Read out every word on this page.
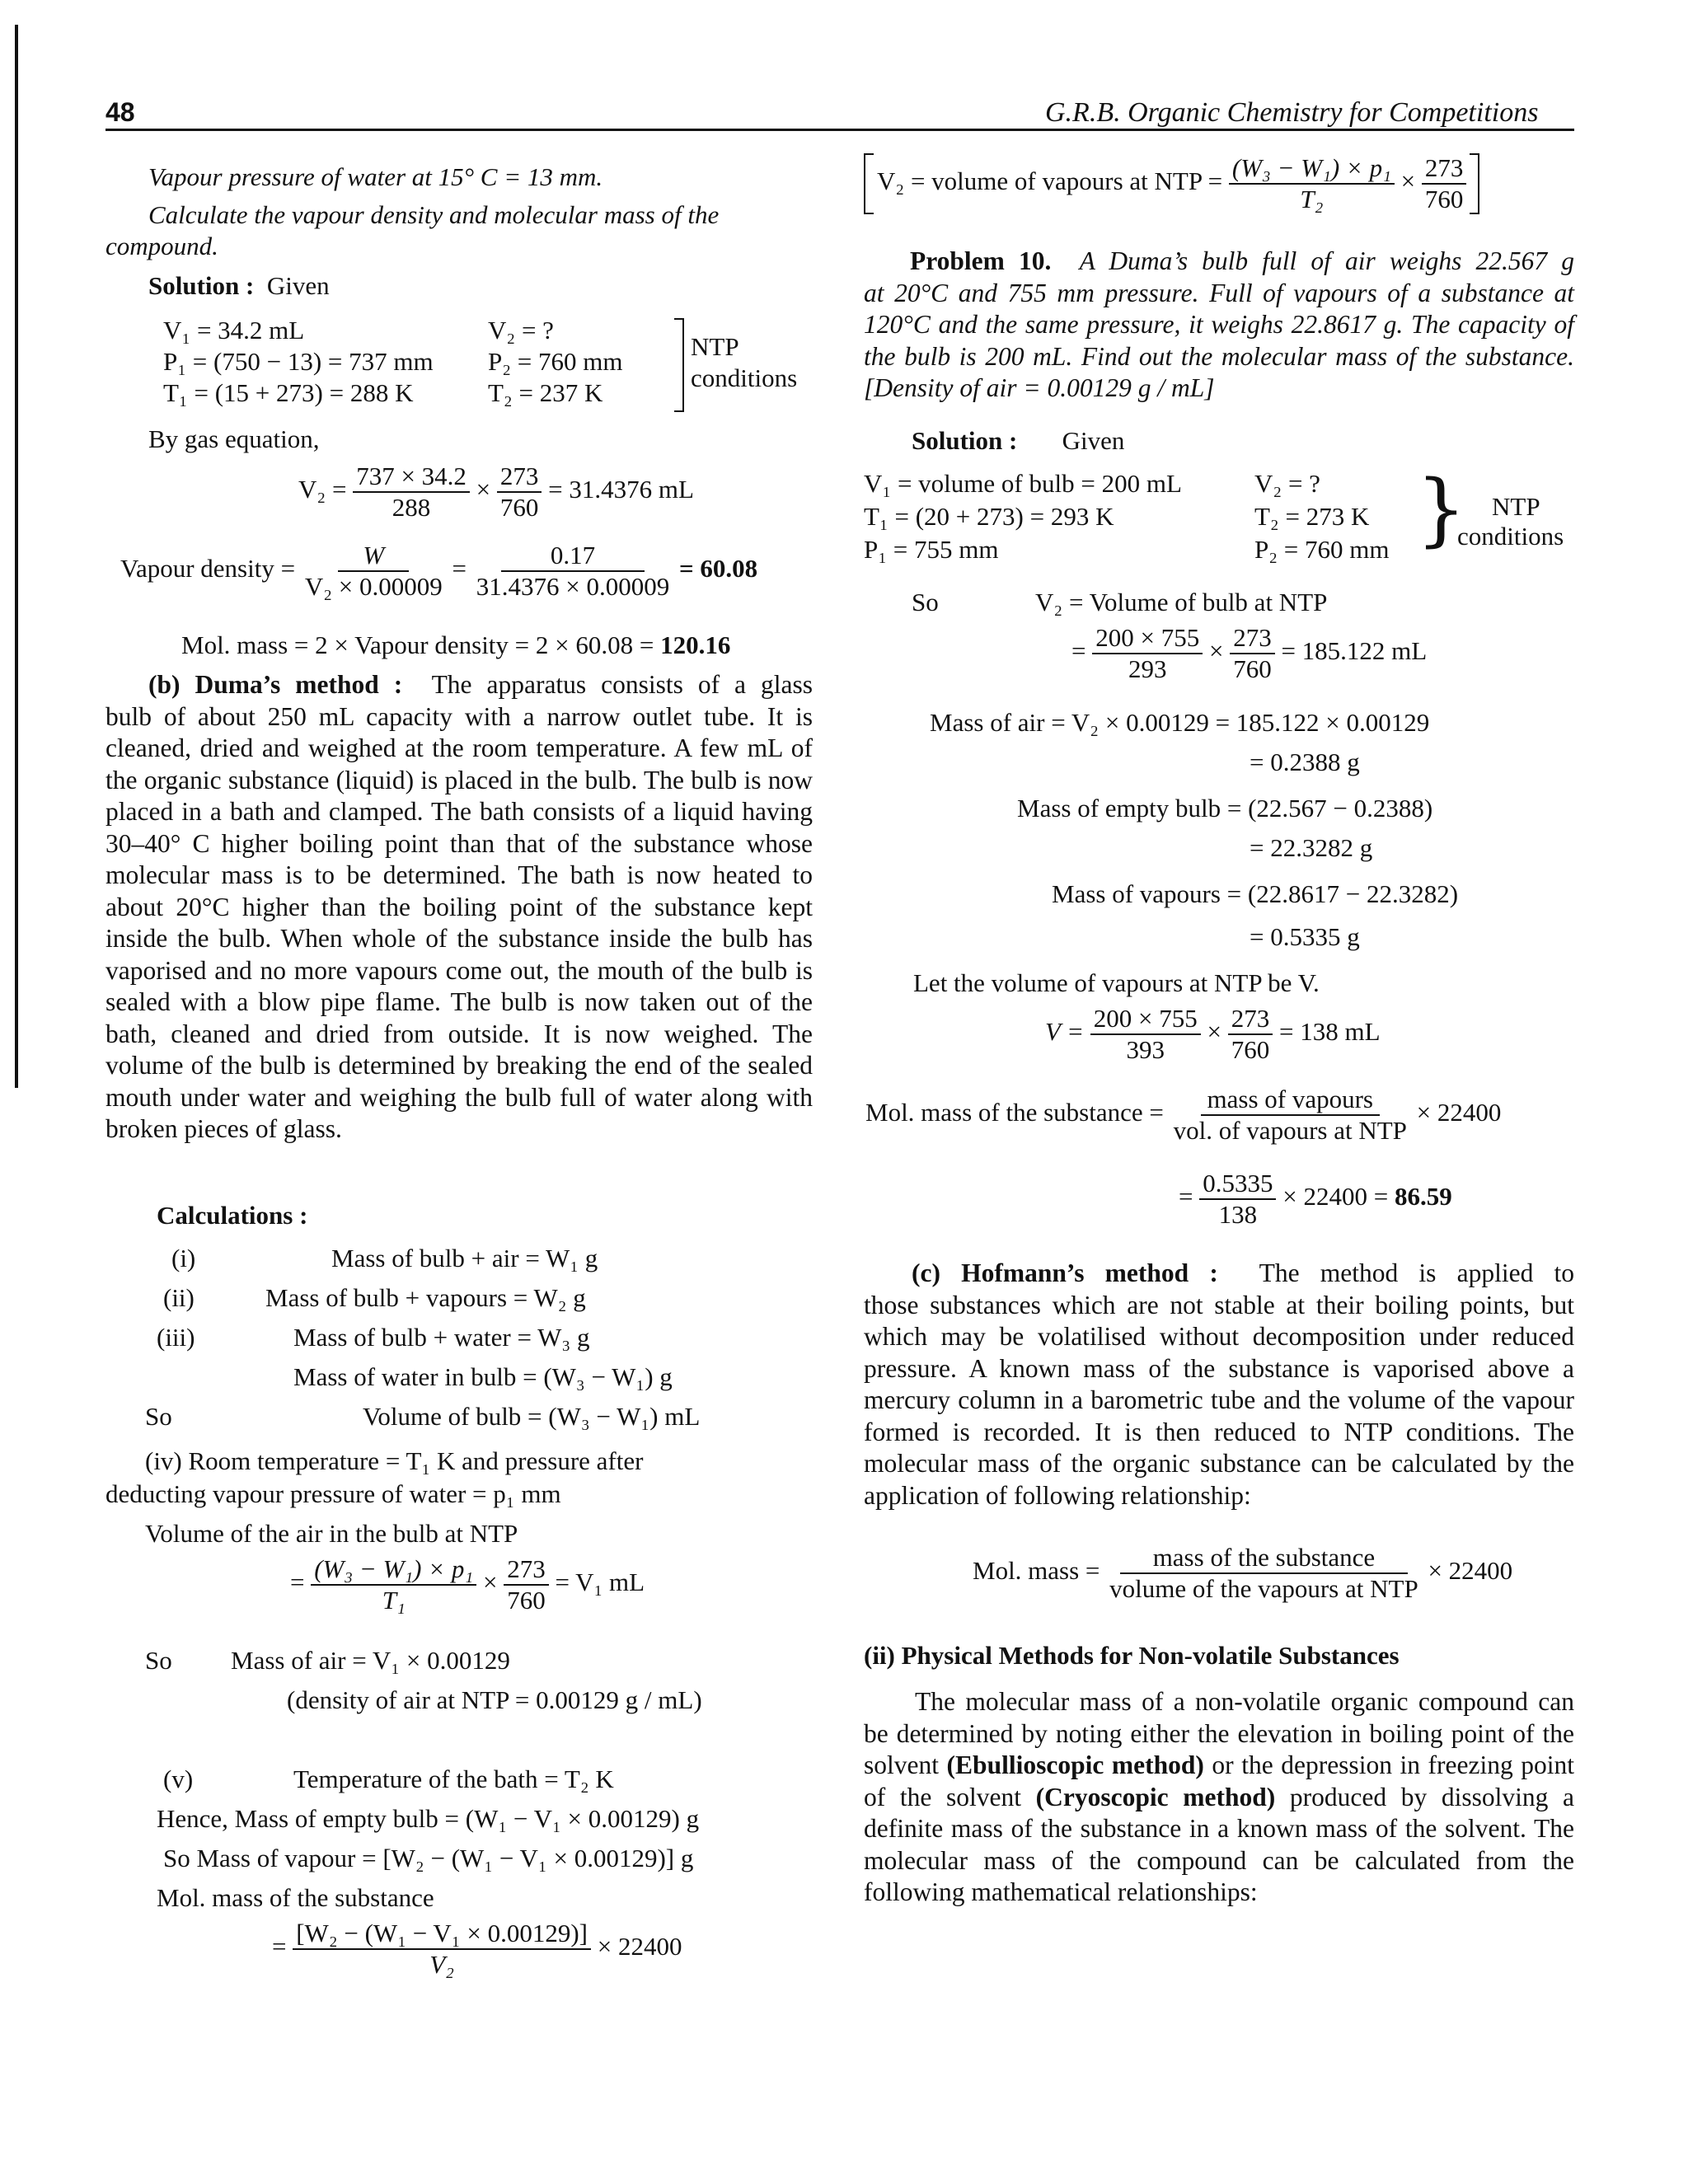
48	G.R.B. Organic Chemistry for Competitions
Vapour pressure of water at 15° C = 13 mm.
Calculate the vapour density and molecular mass of the
compound.
Solution : Given
V₁ = 34.2 mL	V₂ = ?
P₁ = (750 − 13) = 737 mm P₂ = 760 mm
T₁ = (15 + 273) = 288 K	T₂ = 237 K
NTP
conditions
By gas equation,
$V_2 = \frac{737 \times 34.2}{288} \times \frac{273}{760} = 31.4376$ mL
Vapour density = $\frac{W}{\text{V₂ × 0.00009}} = \frac{0.17}{31.4376 \times 0.00009} = 60.08$
Mol. mass = 2 × Vapour density = 2 × 60.08 = 120.16
(b) Duma’s method : The apparatus consists of a glass
bulb of about 250 mL capacity with a narrow outlet tube. It is cleaned, dried and weighed at the room temperature. A few mL of the organic substance (liquid) is placed in the bulb. The bulb is now placed in a bath and clamped. The bath consists of a liquid having 30–40° C higher boiling point than that of the substance whose molecular mass is to be determined. The bath is now heated to about 20°C higher than the boiling point of the substance kept inside the bulb. When whole of the substance inside the bulb has vaporised and no more vapours come out, the mouth of the bulb is sealed with a blow pipe flame. The bulb is now taken out of the bath, cleaned and dried from outside. It is now weighed. The volume of the bulb is determined by breaking the end of the sealed mouth under water and weighing the bulb full of water along with broken pieces of glass.
Calculations :
(i)	Mass of bulb + air = W₁ g
(ii)	Mass of bulb + vapours = W₂ g
(iii)	Mass of bulb + water = W₃ g
Mass of water in bulb = (W₃ − W₁) g
So	Volume of bulb = (W₃ − W₁) mL
(iv) Room temperature = T₁ K and pressure after
deducting vapour pressure of water = p₁ mm
Volume of the air in the bulb at NTP
= $\frac{\text{(W₃ − W₁) × p₁}}{\text{T₁}} \times \frac{273}{760} = V_1$ mL
So Mass of air = V₁ × 0.00129
(density of air at NTP = 0.00129 g / mL)
(v)	Temperature of the bath = T₂ K
Hence, Mass of empty bulb = (W₁ − V₁ × 0.00129) g
So Mass of vapour = [W₂ − (W₁ − V₁ × 0.00129)] g
Mol. mass of the substance
= $\frac{\text{[W₂ − (W₁ − V₁ × 0.00129)]}}{\text{V₂}} \times 22400$
V₂ = volume of vapours at NTP = $\frac{\text{(W₃ − W₁) × p₁}}{\text{T₂}} \times \frac{273}{760}$
Problem 10. A Duma’s bulb full of air weighs 22.567 g
at 20°C and 755 mm pressure. Full of vapours of a substance at 120°C and the same pressure, it weighs 22.8617 g. The capacity of the bulb is 200 mL. Find out the molecular mass of the substance. [Density of air = 0.00129 g / mL]
Solution : Given
V₁ = volume of bulb = 200 mL	V₂ = ?
T₁ = (20 + 273) = 293 K	T₂ = 273 K
P₁ = 755 mm	P₂ = 760 mm } NTP
conditions
So	V₂ = Volume of bulb at NTP
= $\frac{200 \times 755}{293} \times \frac{273}{760} = 185.122$ mL
Mass of air = V₂ × 0.00129 = 185.122 × 0.00129
= 0.2388 g
Mass of empty bulb = (22.567 − 0.2388)
= 22.3282 g
Mass of vapours = (22.8617 − 22.3282)
= 0.5335 g
Let the volume of vapours at NTP be V.
$V = \frac{200 \times 755}{393} \times \frac{273}{760} = 138$ mL
Mol. mass of the substance = $\frac{\text{mass of vapours}}{\text{vol. of vapours at NTP}} \times 22400$
= $\frac{0.5335}{138} \times 22400 = 86.59$
(c) Hofmann’s method : The method is applied to
those substances which are not stable at their boiling points, but which may be volatilised without decomposition under reduced pressure. A known mass of the substance is vaporised above a mercury column in a barometric tube and the volume of the vapour formed is recorded. It is then reduced to NTP conditions. The molecular mass of the organic substance can be calculated by the application of following relationship:
Mol. mass = $\frac{\text{mass of the substance}}{\text{volume of the vapours at NTP}} \times 22400$
(ii) Physical Methods for Non-volatile Substances
The molecular mass of a non-volatile organic compound can be determined by noting either the elevation in boiling point of the solvent (Ebullioscopic method) or the depression in freezing point of the solvent (Cryoscopic method) produced by dissolving a definite mass of the substance in a known mass of the solvent. The molecular mass of the compound can be calculated from the following mathematical relationships:
